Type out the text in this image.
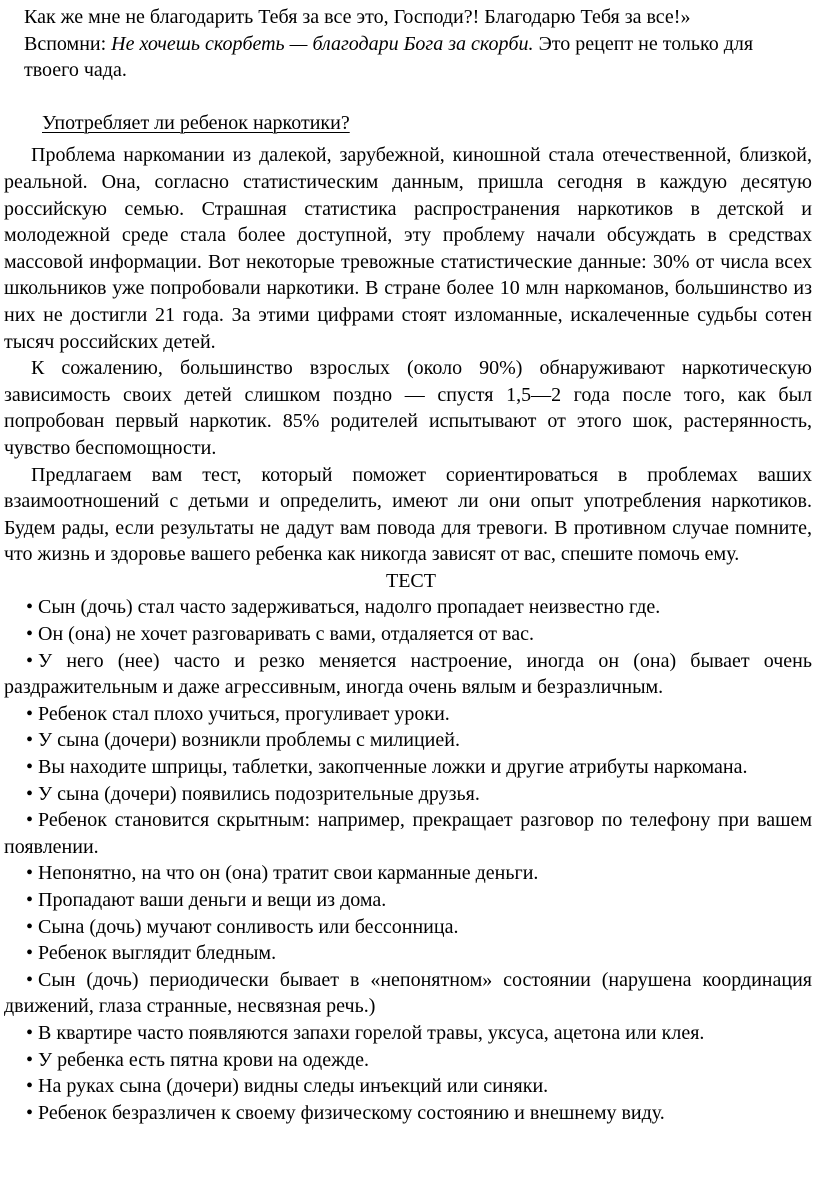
Как же мне не благодарить Тебя за все это, Господи?! Благодарю Тебя за все!»

Вспомни: Не хочешь скорбеть — благодари Бога за скорби. Это рецепт не только для твоего чада.

Употребляет ли ребенок наркотики?

Проблема наркомании из далекой, зарубежной, киношной стала отечественной, близкой, реальной. Она, согласно статистическим данным, пришла сегодня в каждую десятую российскую семью. Страшная статистика распространения наркотиков в детской и молодежной среде стала более доступной, эту проблему начали обсуждать в средствах массовой информации. Вот некоторые тревожные статистические данные: 30% от числа всех школьников уже попробовали наркотики. В стране более 10 млн наркоманов, большинство из них не достигли 21 года. За этими цифрами стоят изломанные, искалеченные судьбы сотен тысяч российских детей.

К сожалению, большинство взрослых (около 90%) обнаруживают наркотическую зависимость своих детей слишком поздно — спустя 1,5—2 года после того, как был попробован первый наркотик. 85% родителей испытывают от этого шок, растерянность, чувство беспомощности.

Предлагаем вам тест, который поможет сориентироваться в проблемах ваших взаимоотношений с детьми и определить, имеют ли они опыт употребления наркотиков. Будем рады, если результаты не дадут вам повода для тревоги. В противном случае помните, что жизнь и здоровье вашего ребенка как никогда зависят от вас, спешите помочь ему.

ТЕСТ

• Сын (дочь) стал часто задерживаться, надолго пропадает неизвестно где.

• Он (она) не хочет разговаривать с вами, отдаляется от вас.

• У него (нее) часто и резко меняется настроение, иногда он (она) бывает очень раздражительным и даже агрессивным, иногда очень вялым и безразличным.

• Ребенок стал плохо учиться, прогуливает уроки.

• У сына (дочери) возникли проблемы с милицией.

• Вы находите шприцы, таблетки, закопченные ложки и другие атрибуты наркомана.

• У сына (дочери) появились подозрительные друзья.

• Ребенок становится скрытным: например, прекращает разговор по телефону при вашем появлении.

• Непонятно, на что он (она) тратит свои карманные деньги.

• Пропадают ваши деньги и вещи из дома.

• Сына (дочь) мучают сонливость или бессонница.

• Ребенок выглядит бледным.

• Сын (дочь) периодически бывает в «непонятном» состоянии (нарушена координация движений, глаза странные, несвязная речь.)

• В квартире часто появляются запахи горелой травы, уксуса, ацетона или клея.

• У ребенка есть пятна крови на одежде.

• На руках сына (дочери) видны следы инъекций или синяки.

• Ребенок безразличен к своему физическому состоянию и внешнему виду.
